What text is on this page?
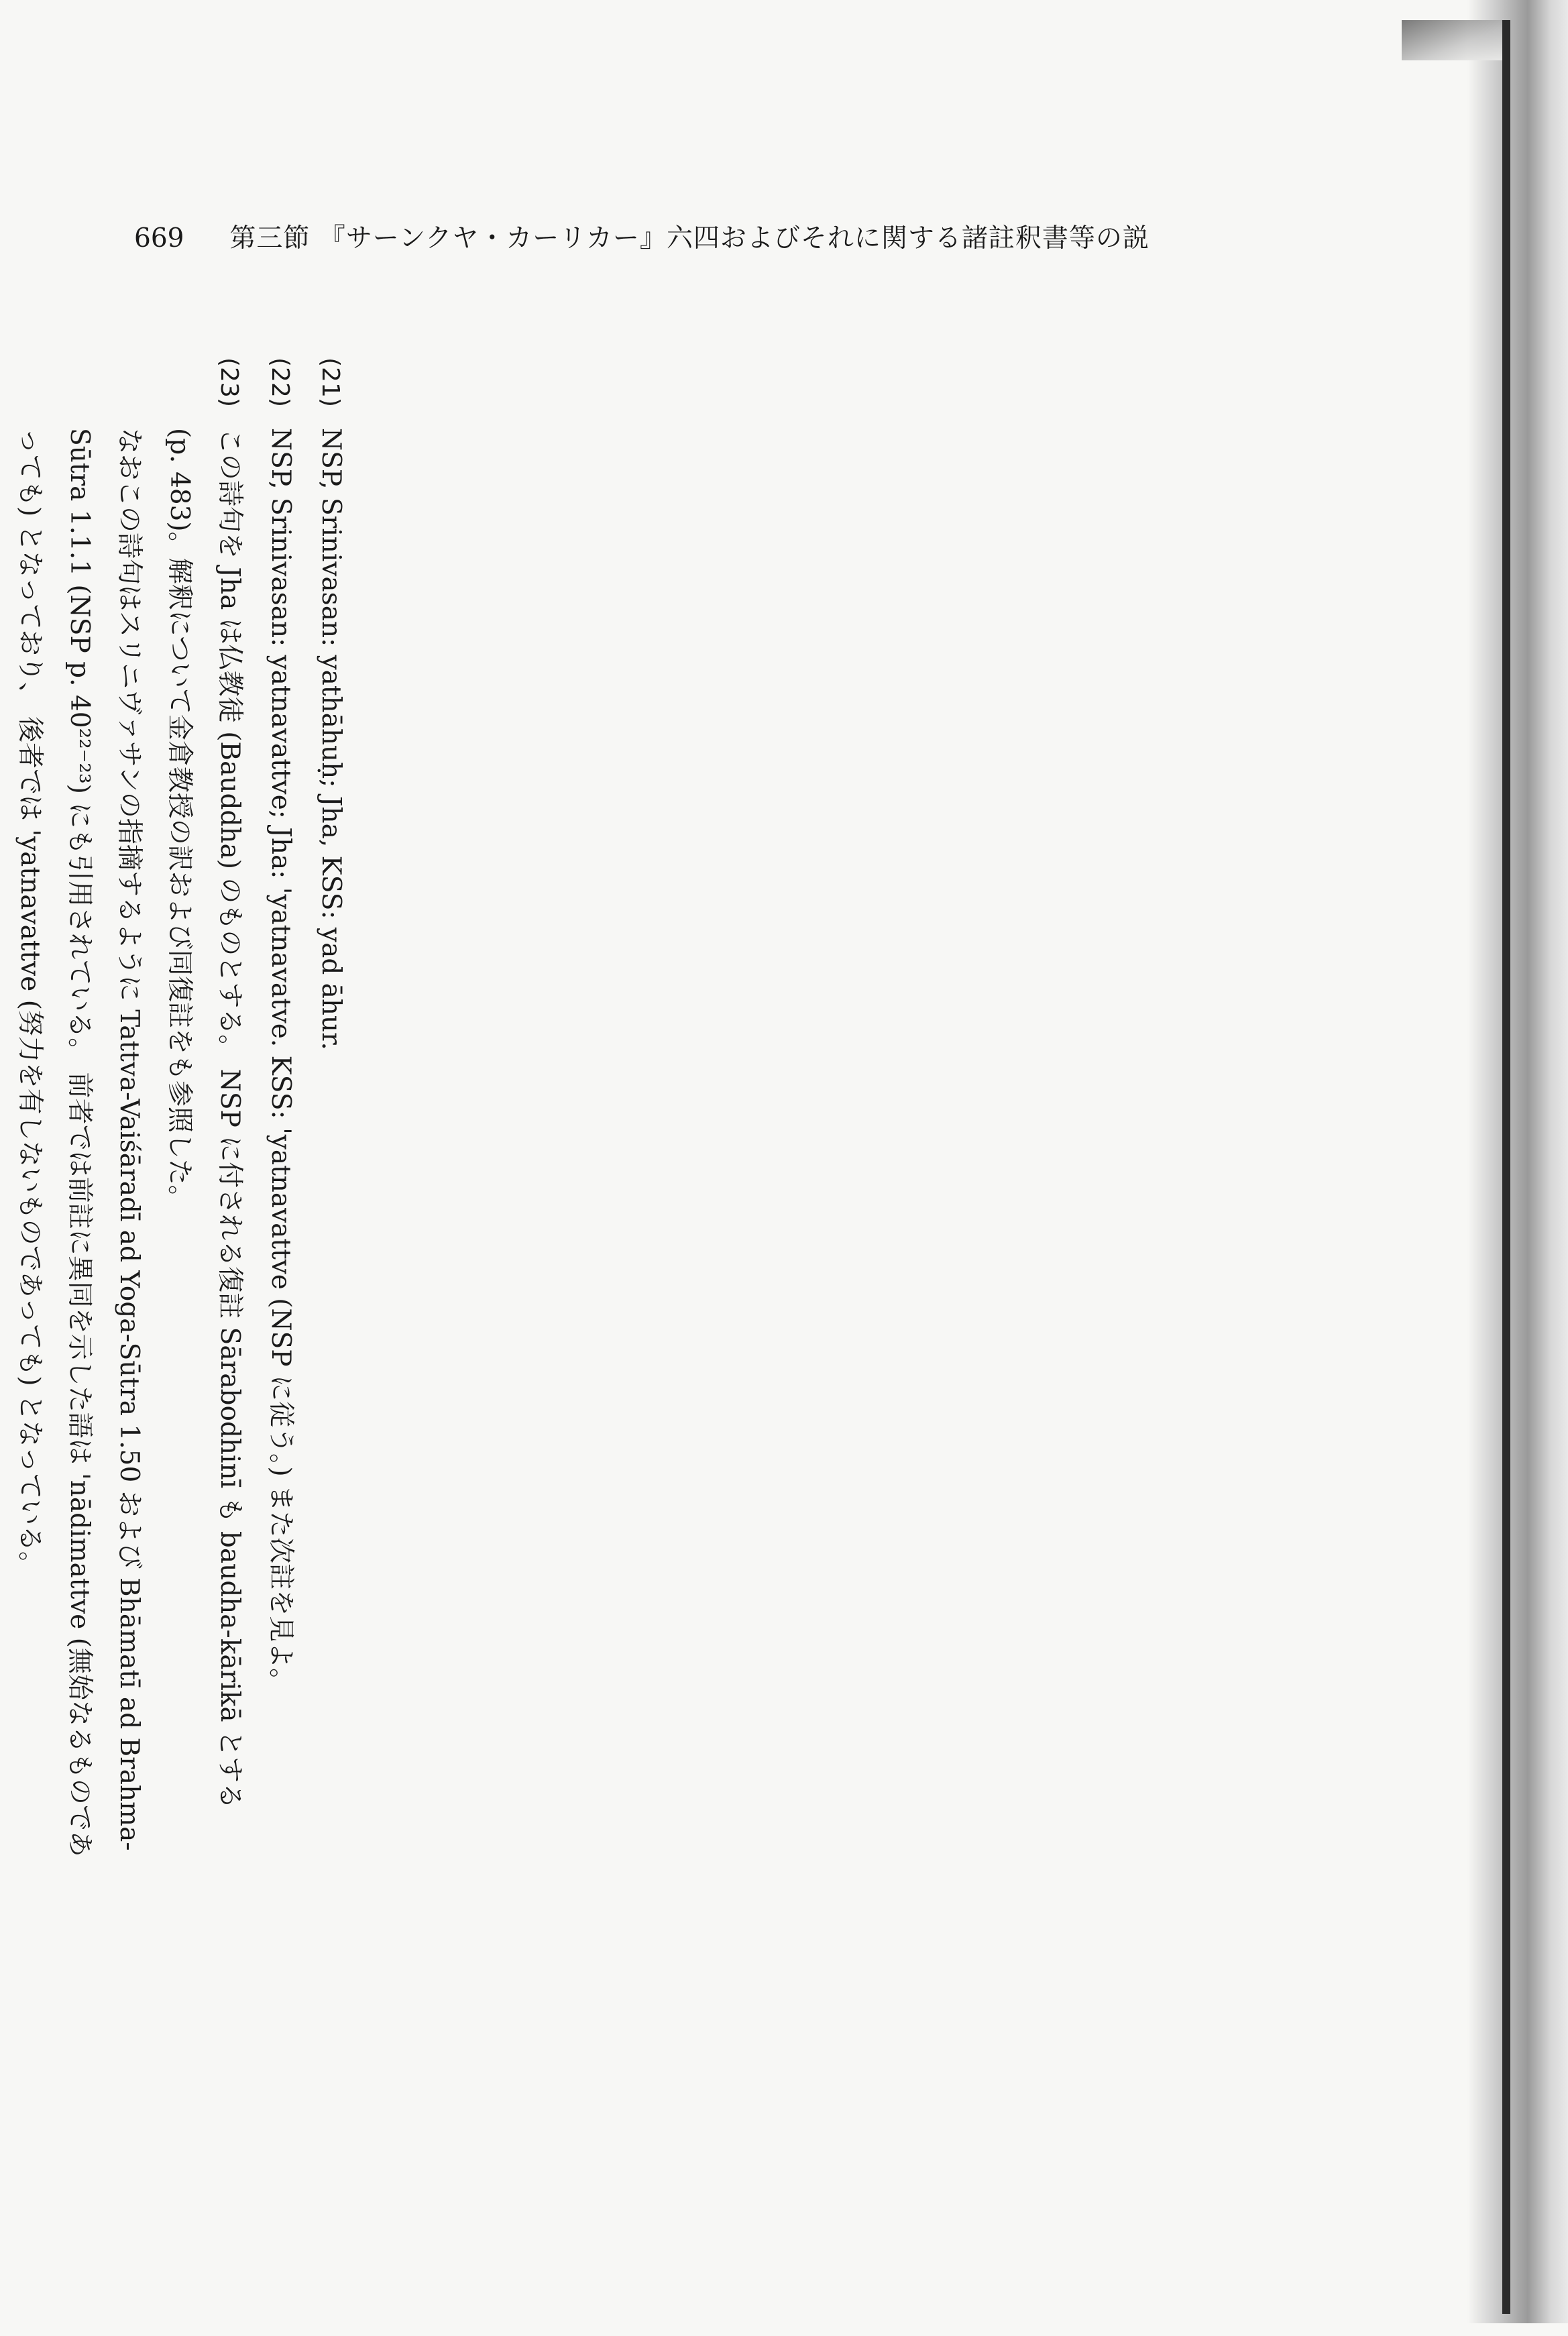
669 第三節 『サーンクヤ・カーリカー』六四およびそれに関する諸註釈書等の説
(21)NSP, Srinivasan: yathāhuḥ; Jha, KSS: yad āhur.
(22)NSP, Srinivasan: yatnavattve; Jha: 'yatnavatve. KSS: 'yatnavattve (NSP に従う。) また次註を見よ。
(23)この詩句を Jha は仏教徒 (Bauddha) のものとする。 NSP に付される復註 Sārabodhinī も baudha-kārikā とする
(p. 483)。解釈について金倉教授の訳および同復註をも参照した。
なおこの詩句はスリニヴァサンの指摘するように Tattva-Vaiśāradī ad Yoga-Sūtra 1.50 および Bhāmatī ad Brahma-
Sūtra 1.1.1 (NSP p. 40²²⁻²³) にも引用されている。 前者では前註に異同を示した語は 'nādimattve (無始なるものであ
っても) となっており、 後者では 'yatnavattve (努力を有しないものであっても) となっている。
